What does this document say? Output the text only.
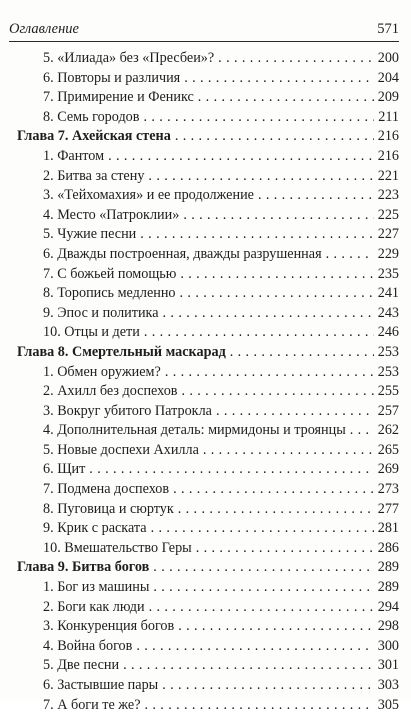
Оглавление	571
5. «Илиада» без «Пресбеи»? . . .	200
6. Повторы и различия . . .	204
7. Примирение и Феникс . . .	209
8. Семь городов . . .	211
Глава 7. Ахейская стена . . .	216
1. Фантом . . .	216
2. Битва за стену . . .	221
3. «Тейхомахия» и ее продолжение . . .	223
4. Место «Патроклии» . . .	225
5. Чужие песни . . .	227
6. Дважды построенная, дважды разрушенная . . .	229
7. С божьей помощью . . .	235
8. Торопись медленно . . .	241
9. Эпос и политика . . .	243
10. Отцы и дети . . .	246
Глава 8. Смертельный маскарад . . .	253
1. Обмен оружием? . . .	253
2. Ахилл без доспехов . . .	255
3. Вокруг убитого Патрокла . . .	257
4. Дополнительная деталь: мирмидоны и троянцы . . . 262
5. Новые доспехи Ахилла . . .	265
6. Щит . . .	269
7. Подмена доспехов . . .	273
8. Пуговица и сюртук . . .	277
9. Крик с раската . . .	281
10. Вмешательство Геры . . .	286
Глава 9. Битва богов . . .	289
1. Бог из машины . . .	289
2. Боги как люди . . .	294
3. Конкуренция богов . . .	298
4. Война богов . . .	300
5. Две песни . . .	301
6. Застывшие пары . . .	303
7. А боги те же? . . .	305
